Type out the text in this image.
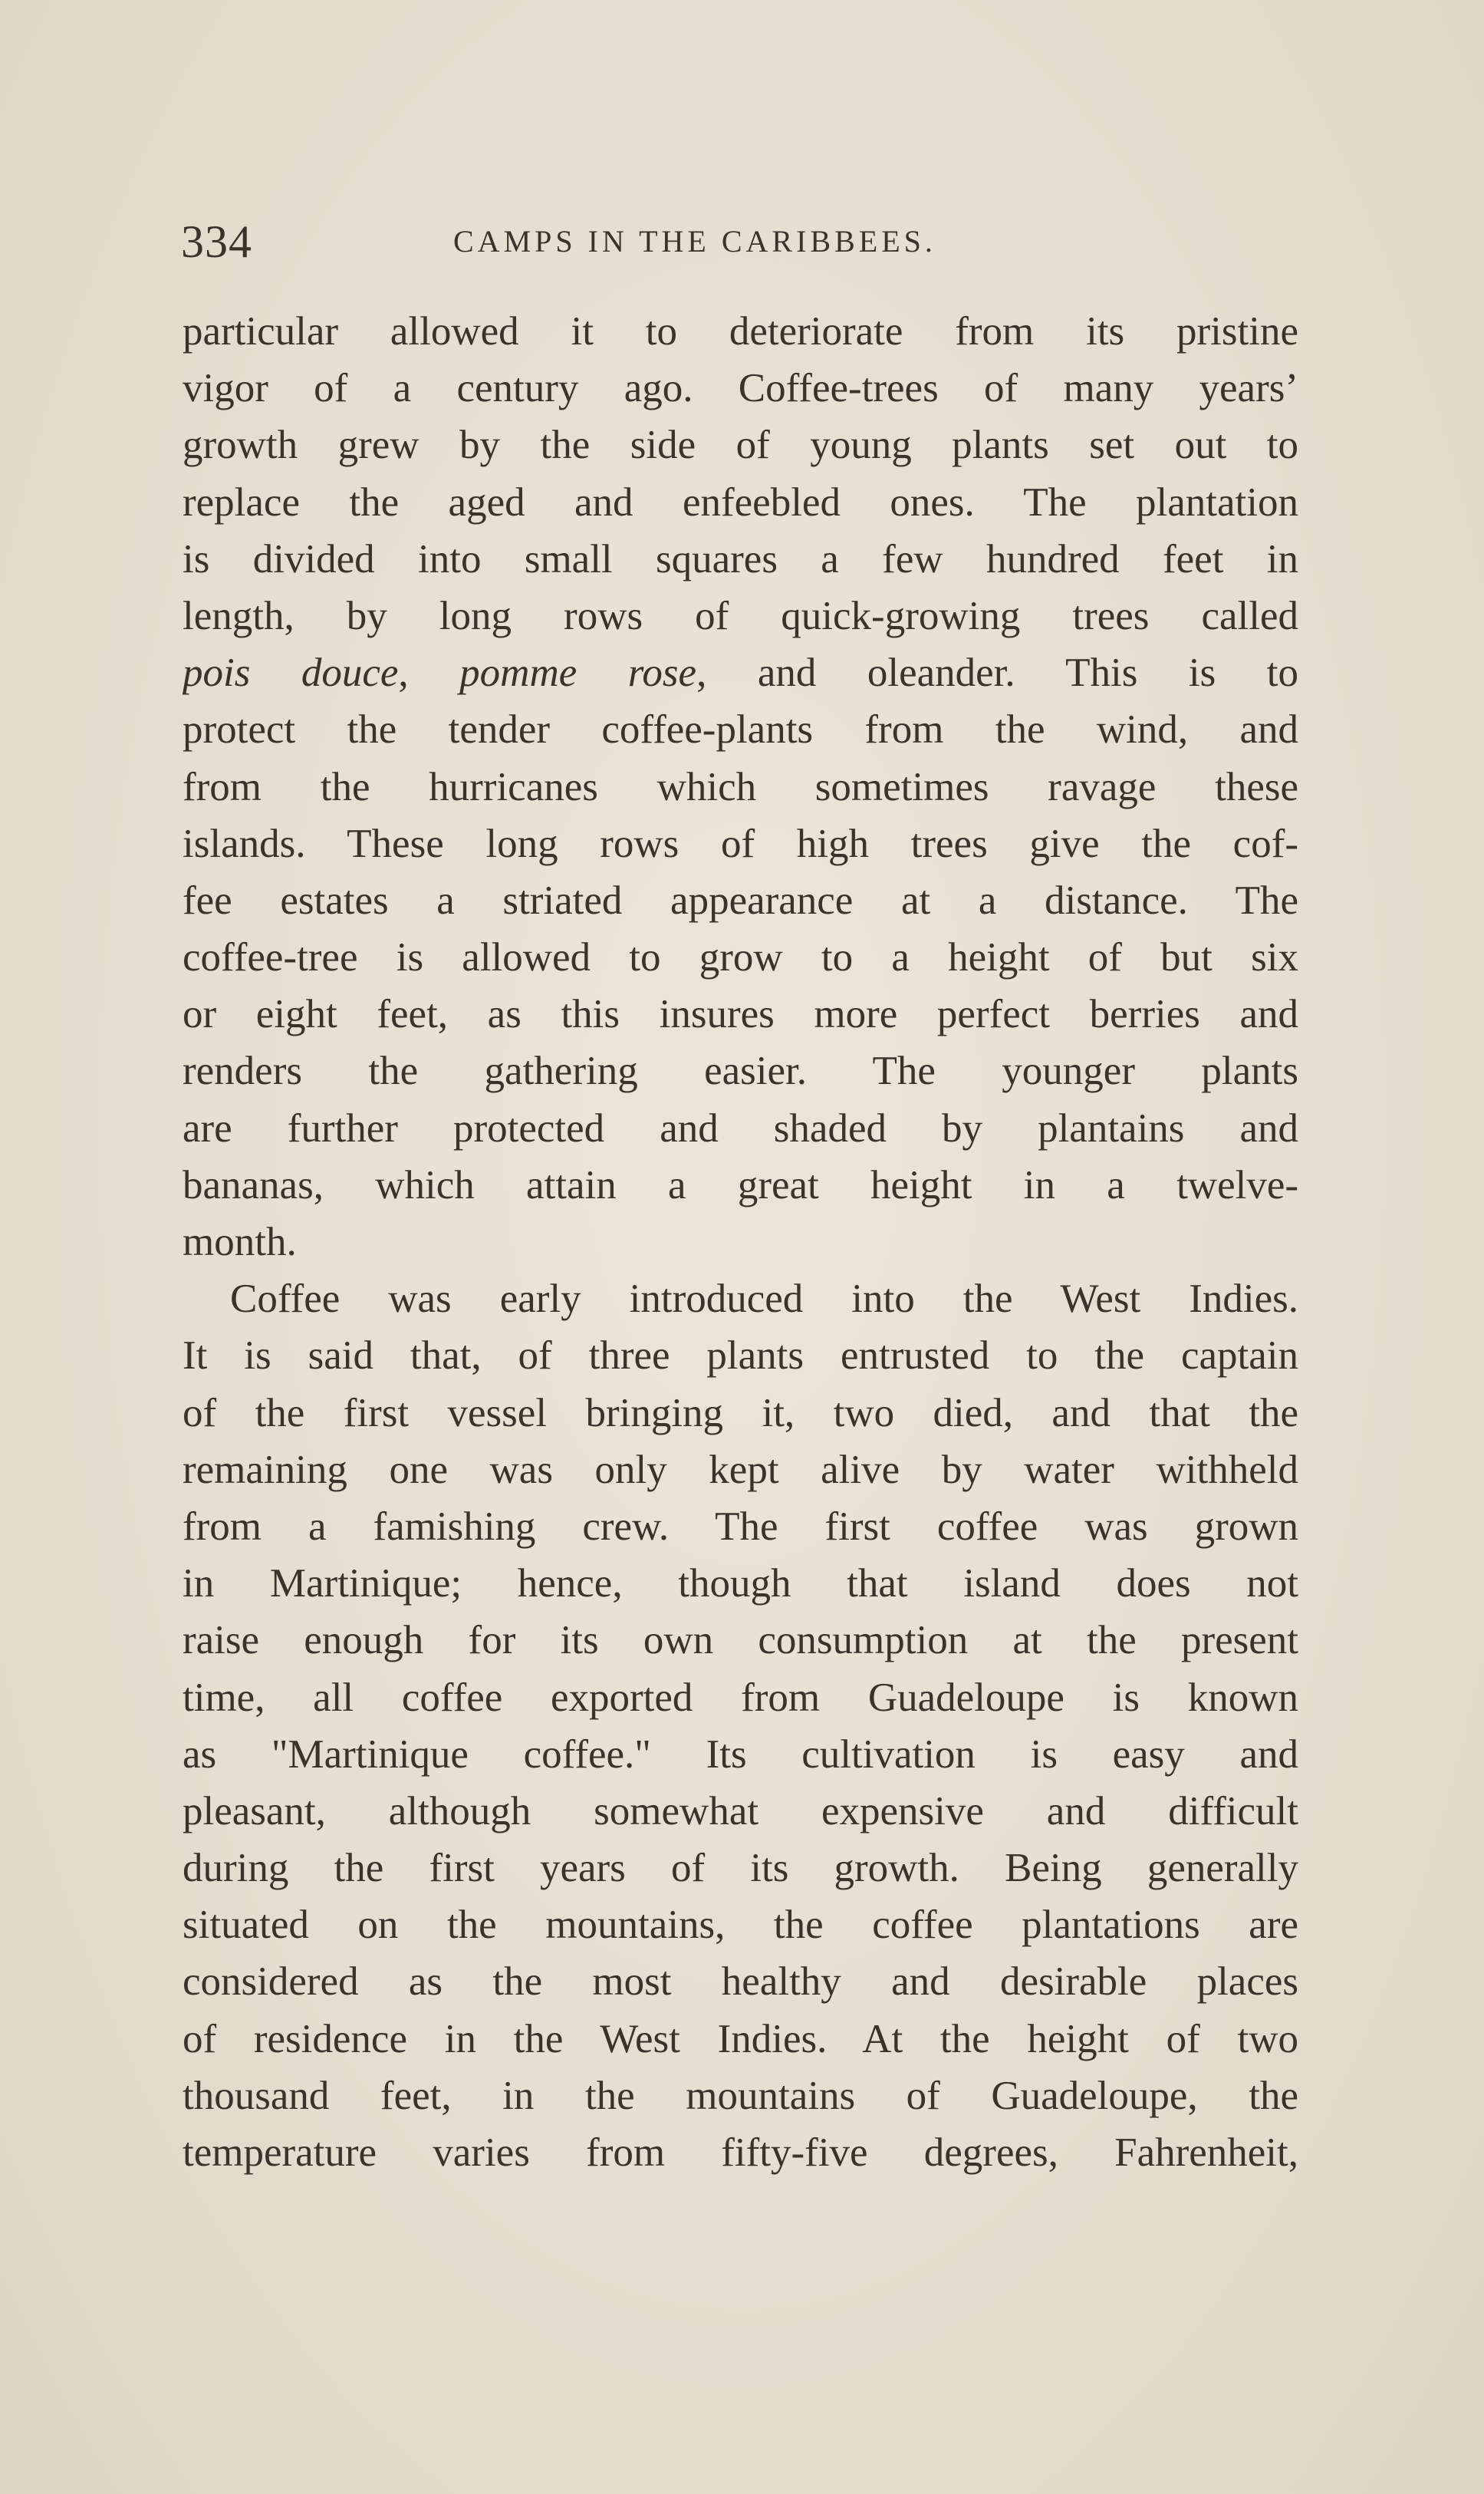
334	CAMPS IN THE CARIBBEES.
particular allowed it to deteriorate from its pristine
vigor of a century ago. Coffee-trees of many years’
growth grew by the side of young plants set out to
replace the aged and enfeebled ones. The plantation
is divided into small squares a few hundred feet in
length, by long rows of quick-growing trees called
pois douce, pomme rose, and oleander. This is to
protect the tender coffee-plants from the wind, and
from the hurricanes which sometimes ravage these
islands. These long rows of high trees give the cof-
fee estates a striated appearance at a distance. The
coffee-tree is allowed to grow to a height of but six
or eight feet, as this insures more perfect berries and
renders the gathering easier. The younger plants
are further protected and shaded by plantains and
bananas, which attain a great height in a twelve-
month.
Coffee was early introduced into the West Indies.
It is said that, of three plants entrusted to the captain
of the first vessel bringing it, two died, and that the
remaining one was only kept alive by water withheld
from a famishing crew. The first coffee was grown
in Martinique; hence, though that island does not
raise enough for its own consumption at the present
time, all coffee exported from Guadeloupe is known
as "Martinique coffee." Its cultivation is easy and
pleasant, although somewhat expensive and difficult
during the first years of its growth. Being generally
situated on the mountains, the coffee plantations are
considered as the most healthy and desirable places
of residence in the West Indies. At the height of two
thousand feet, in the mountains of Guadeloupe, the
temperature varies from fifty-five degrees, Fahrenheit,
